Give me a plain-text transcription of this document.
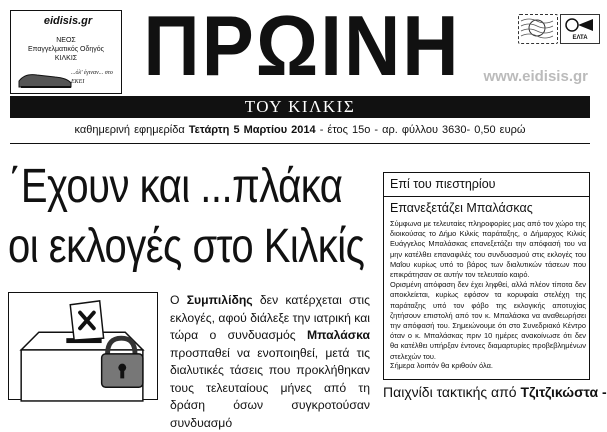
eidisis.gr
ΝΕΟΣ
Επαγγελματικός Οδηγός
ΚΙΛΚΙΣ
...όλ' έγιναν... στο ΕΚΕΙ ΠΡΩΙΝΗ	ΕΛΤΑ
www.eidisis.gr
ΤΟΥ ΚΙΛΚΙΣ
καθημερινή εφημερίδα Τετάρτη 5 Μαρτίου 2014 - έτος 15ο - αρ. φύλλου 3630- 0,50 ευρώ
΄Εχουν και ...πλάκα
οι εκλογές στο Κιλκίς
Ο Συμπιλίδης δεν κατέρχεται στις εκλογές, αφού διάλεξε την ιατρική και τώρα ο συνδυασμός Μπαλάσκα προσπαθεί να ενοποιηθεί, μετά τις διαλυτικές τάσεις που προκλήθηκαν τους τελευταίους μήνες από τη δράση όσων συγκροτούσαν συνδυασμό
Επί του πιεστηρίου
Επανεξετάζει Μπαλάσκας

Σύμφωνα με τελευταίες πληροφορίες μας από τον χώρο της διοικούσας το Δήμο Κιλκίς παράταξης, ο Δήμαρχος Κιλκίς Ευάγγελος Μπαλάσκας επανεξετάζει την απόφασή του να μην κατέλθει επαναφιλές του συνδυασμού στις εκλογές του Μαΐου κυρίως υπό το βάρος των διαλυτικών τάσεων που επικράτησαν σε αυτήν τον τελευταίο καιρό.

Ορισμένη απόφαση δεν έχει ληφθεί, αλλά πλέον τίποτα δεν αποκλείεται, κυρίως εφόσον τα κορυφαία στελέχη της παράταξης υπό τον φόβο της εκλογικής αποτυχίας ζητήσουν επιστολή από τον κ. Μπαλάσκα να αναθεωρήσει την απόφασή του. Σημειώνουμε ότι στο Συνεδριακό Κέντρο όταν ο κ. Μπαλάσκας πριν 10 ημέρες ανακοίνωσε ότι δεν θα κατέλθει υπήρξαν έντονες διαμαρτυρίες προβεβλημένων στελεχών του.

Σήμερα λοιπόν θα κριθούν όλα.
Παιχνίδι τακτικής από Τζιτζικώστα -
